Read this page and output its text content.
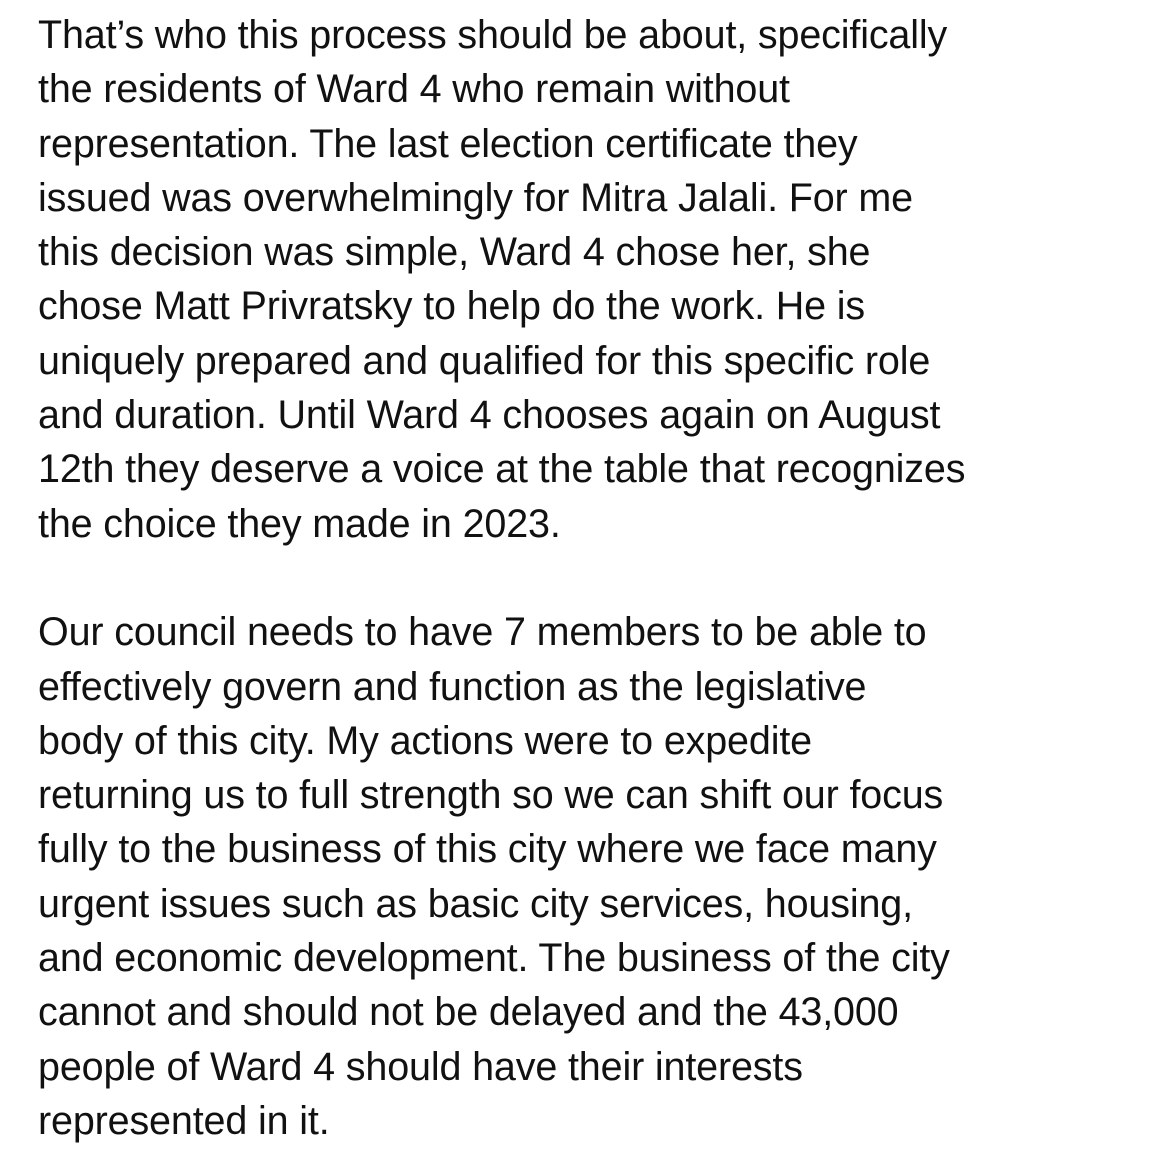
That’s who this process should be about, specifically
the residents of Ward 4 who remain without
representation. The last election certificate they
issued was overwhelmingly for Mitra Jalali. For me
this decision was simple, Ward 4 chose her, she
chose Matt Privratsky to help do the work. He is
uniquely prepared and qualified for this specific role
and duration. Until Ward 4 chooses again on August
12th they deserve a voice at the table that recognizes
the choice they made in 2023.
Our council needs to have 7 members to be able to
effectively govern and function as the legislative
body of this city. My actions were to expedite
returning us to full strength so we can shift our focus
fully to the business of this city where we face many
urgent issues such as basic city services, housing,
and economic development. The business of the city
cannot and should not be delayed and the 43,000
people of Ward 4 should have their interests
represented in it.
